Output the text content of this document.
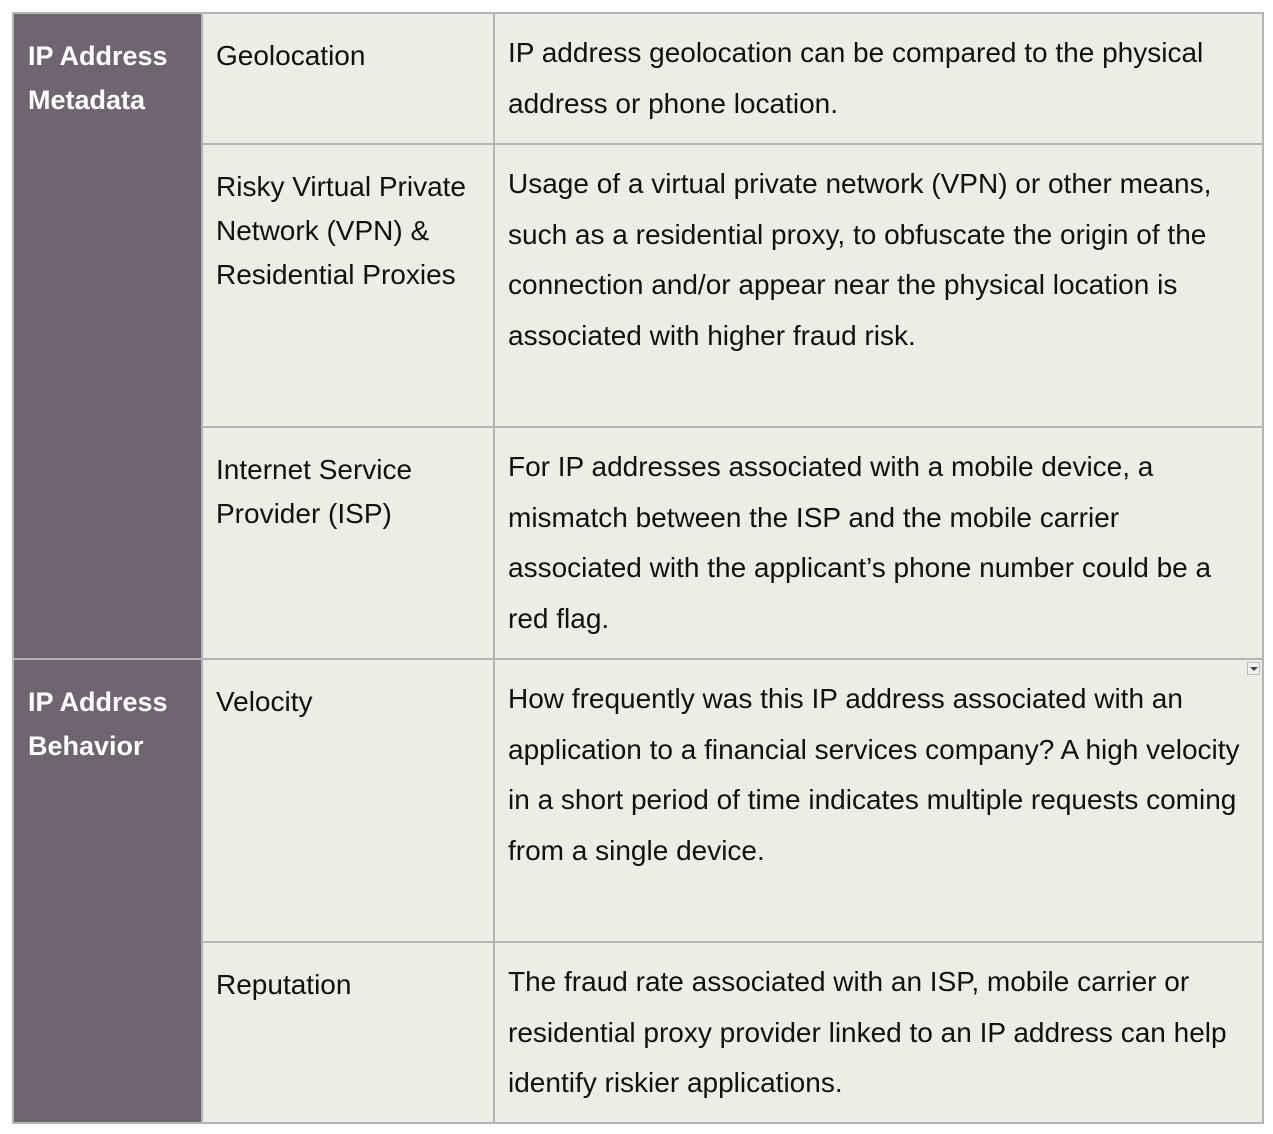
IP Address Metadata	Geolocation	IP address geolocation can be compared to the physical address or phone location.
	Risky Virtual Private Network (VPN) & Residential Proxies	Usage of a virtual private network (VPN) or other means, such as a residential proxy, to obfuscate the origin of the connection and/or appear near the physical location is associated with higher fraud risk.
	Internet Service Provider (ISP)	For IP addresses associated with a mobile device, a mismatch between the ISP and the mobile carrier associated with the applicant’s phone number could be a red flag.
IP Address Behavior	Velocity	How frequently was this IP address associated with an application to a financial services company? A high velocity in a short period of time indicates multiple requests coming from a single device.

	Reputation	The fraud rate associated with an ISP, mobile carrier or residential proxy provider linked to an IP address can help identify riskier applications.
